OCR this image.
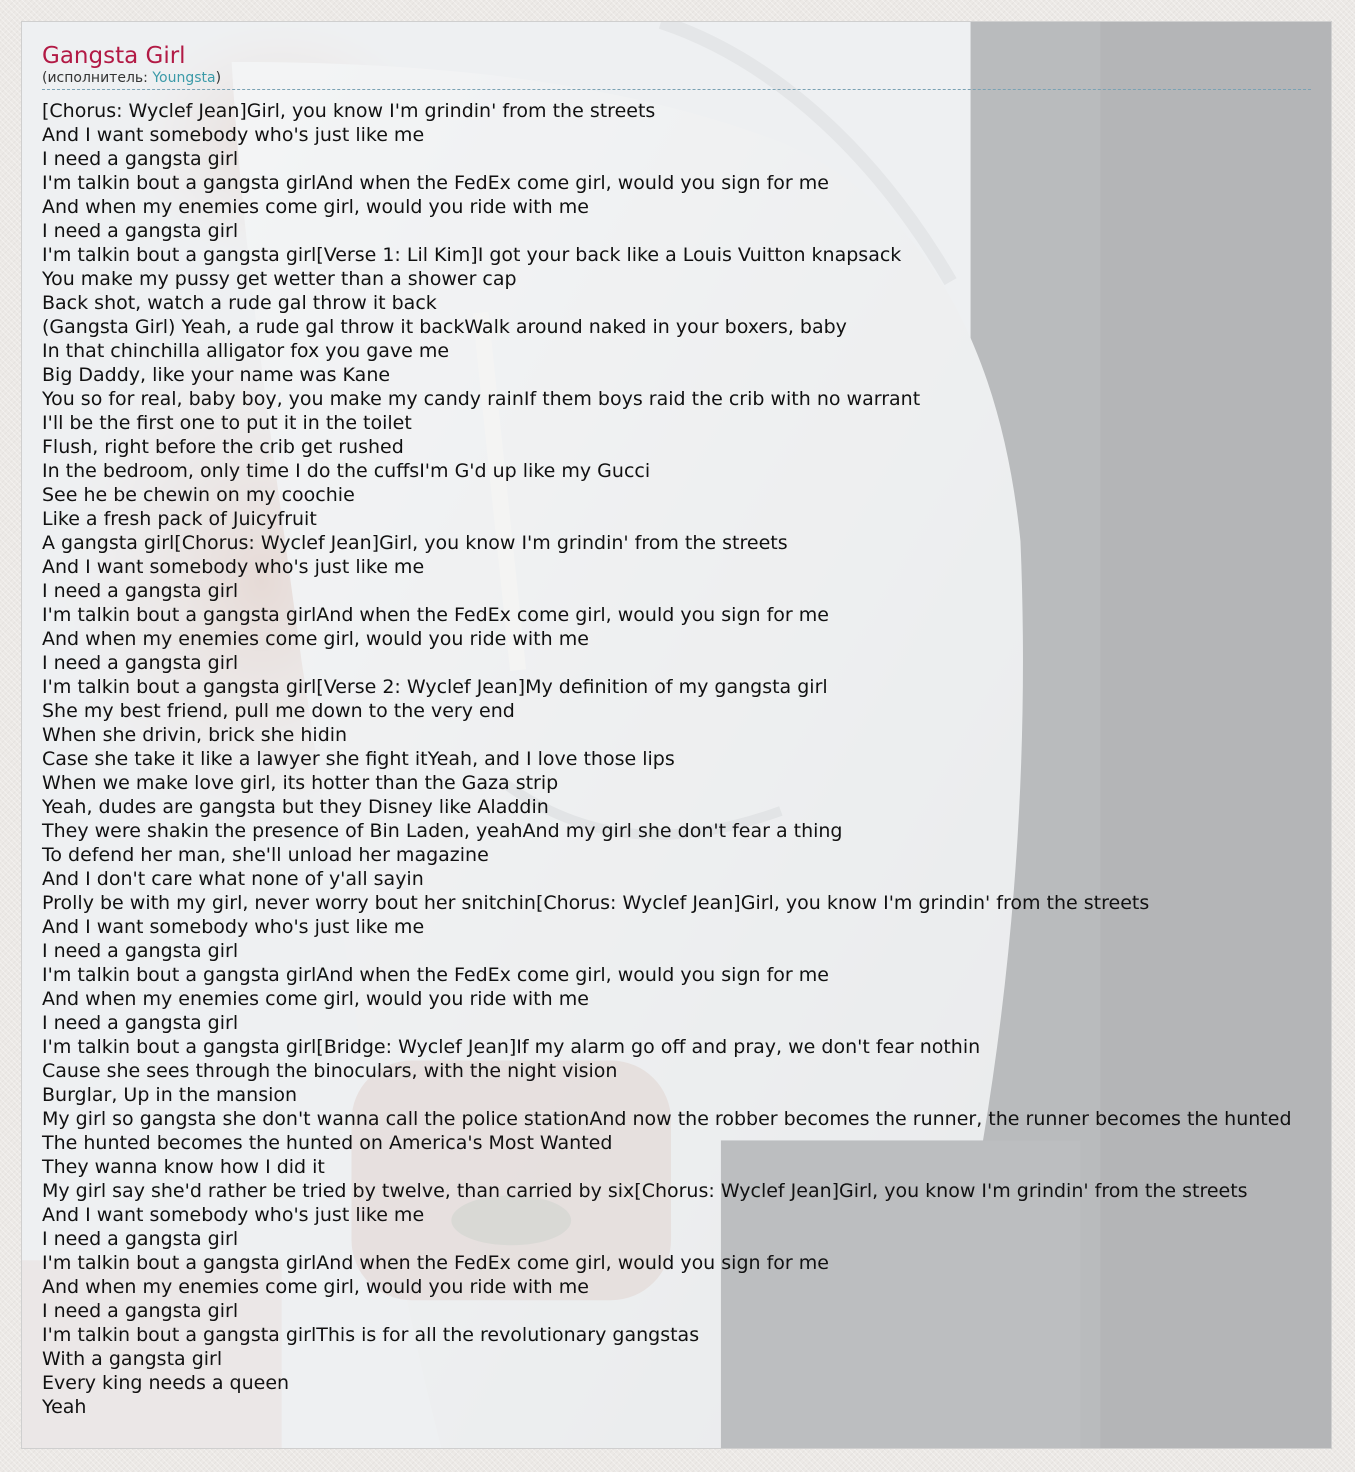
Gangsta Girl
(исполнитель: Youngsta)
[Chorus: Wyclef Jean]Girl, you know I'm grindin' from the streets
And I want somebody who's just like me
I need a gangsta girl
I'm talkin bout a gangsta girlAnd when the FedEx come girl, would you sign for me
And when my enemies come girl, would you ride with me
I need a gangsta girl
I'm talkin bout a gangsta girl[Verse 1: Lil Kim]I got your back like a Louis Vuitton knapsack
You make my pussy get wetter than a shower cap
Back shot, watch a rude gal throw it back
(Gangsta Girl) Yeah, a rude gal throw it backWalk around naked in your boxers, baby
In that chinchilla alligator fox you gave me
Big Daddy, like your name was Kane
You so for real, baby boy, you make my candy rainIf them boys raid the crib with no warrant
I'll be the first one to put it in the toilet
Flush, right before the crib get rushed
In the bedroom, only time I do the cuffsI'm G'd up like my Gucci
See he be chewin on my coochie
Like a fresh pack of Juicyfruit
A gangsta girl[Chorus: Wyclef Jean]Girl, you know I'm grindin' from the streets
And I want somebody who's just like me
I need a gangsta girl
I'm talkin bout a gangsta girlAnd when the FedEx come girl, would you sign for me
And when my enemies come girl, would you ride with me
I need a gangsta girl
I'm talkin bout a gangsta girl[Verse 2: Wyclef Jean]My definition of my gangsta girl
She my best friend, pull me down to the very end
When she drivin, brick she hidin
Case she take it like a lawyer she fight itYeah, and I love those lips
When we make love girl, its hotter than the Gaza strip
Yeah, dudes are gangsta but they Disney like Aladdin
They were shakin the presence of Bin Laden, yeahAnd my girl she don't fear a thing
To defend her man, she'll unload her magazine
And I don't care what none of y'all sayin
Prolly be with my girl, never worry bout her snitchin[Chorus: Wyclef Jean]Girl, you know I'm grindin' from the streets
And I want somebody who's just like me
I need a gangsta girl
I'm talkin bout a gangsta girlAnd when the FedEx come girl, would you sign for me
And when my enemies come girl, would you ride with me
I need a gangsta girl
I'm talkin bout a gangsta girl[Bridge: Wyclef Jean]If my alarm go off and pray, we don't fear nothin
Cause she sees through the binoculars, with the night vision
Burglar, Up in the mansion
My girl so gangsta she don't wanna call the police stationAnd now the robber becomes the runner, the runner becomes the hunted
The hunted becomes the hunted on America's Most Wanted
They wanna know how I did it
My girl say she'd rather be tried by twelve, than carried by six[Chorus: Wyclef Jean]Girl, you know I'm grindin' from the streets
And I want somebody who's just like me
I need a gangsta girl
I'm talkin bout a gangsta girlAnd when the FedEx come girl, would you sign for me
And when my enemies come girl, would you ride with me
I need a gangsta girl
I'm talkin bout a gangsta girlThis is for all the revolutionary gangstas
With a gangsta girl
Every king needs a queen
Yeah
